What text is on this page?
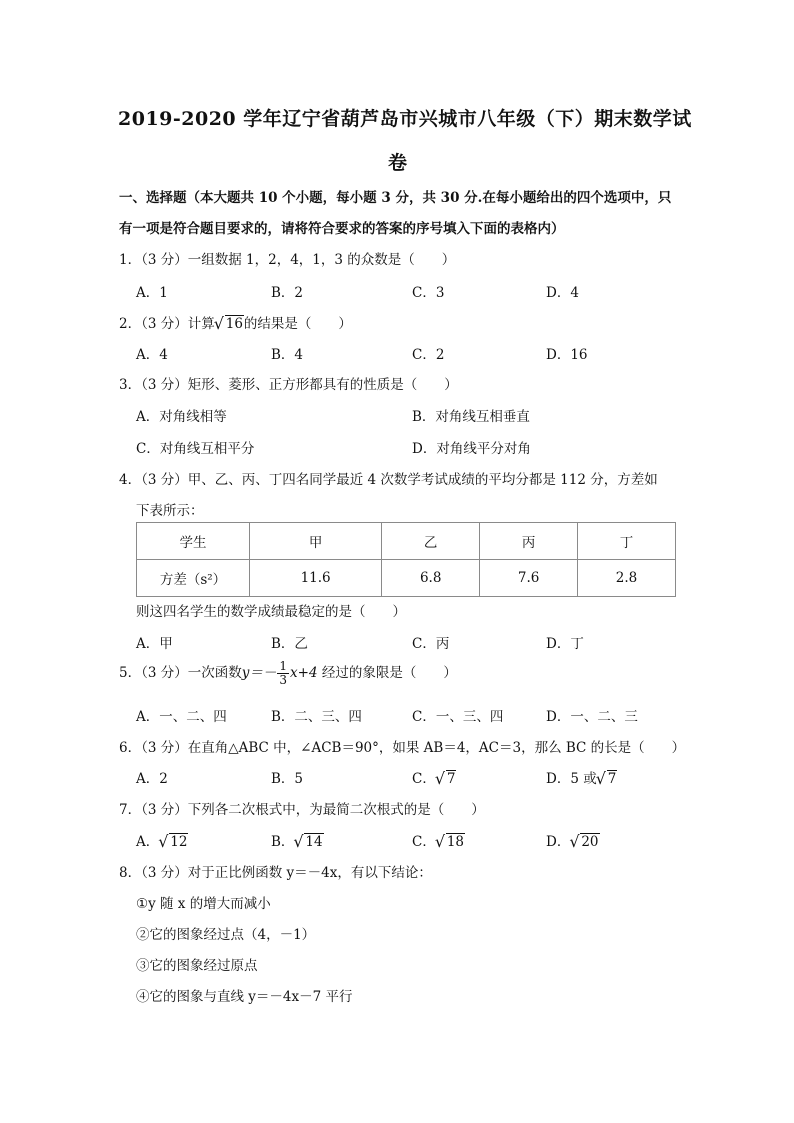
2019-2020 学年辽宁省葫芦岛市兴城市八年级（下）期末数学试
卷
一、选择题（本大题共 10 个小题，每小题 3 分，共 30 分.在每小题给出的四个选项中，只
有一项是符合题目要求的，请将符合要求的答案的序号填入下面的表格内）
1．（3 分）一组数据 1，2，4，1，3 的众数是（　　）
A．1	B．2	C．3	D．4
2．（3 分）计算 √ 16的结果是（　　）
A．4	B．4	C．2	D．16
3．（3 分）矩形、菱形、正方形都具有的性质是（　　）
A．对角线相等	B．对角线互相垂直
C．对角线互相平分	D．对角线平分对角
4．（3 分）甲、乙、丙、丁四名同学最近 4 次数学考试成绩的平均分都是 112 分，方差如
下表所示：
学生	甲	乙	丙	丁
方差（s²）	11.6	6.8	7.6	2.8
则这四名学生的数学成绩最稳定的是（　　）
A．甲	B．乙	C．丙	D．丁
5．（3 分）一次函数$y=- \frac{1}{3} x+4$ 经过的象限是（　　）
A．一、二、四	B．二、三、四	C．一、三、四	D．一、二、三
6．（3 分）在直角△ABC 中，∠ACB＝90°，如果 AB＝4，AC＝3，那么 BC 的长是（　　）
A．2	B．5	C． √ 7	D．5 或 √ 7
7．（3 分）下列各二次根式中，为最简二次根式的是（　　）
A． √ 12	B． √ 14	C． √ 18	D． √ 20
8．（3 分）对于正比例函数 y＝－4x，有以下结论：
①y 随 x 的增大而减小
②它的图象经过点（4，－1）
③它的图象经过原点
④它的图象与直线 y＝－4x－7 平行
